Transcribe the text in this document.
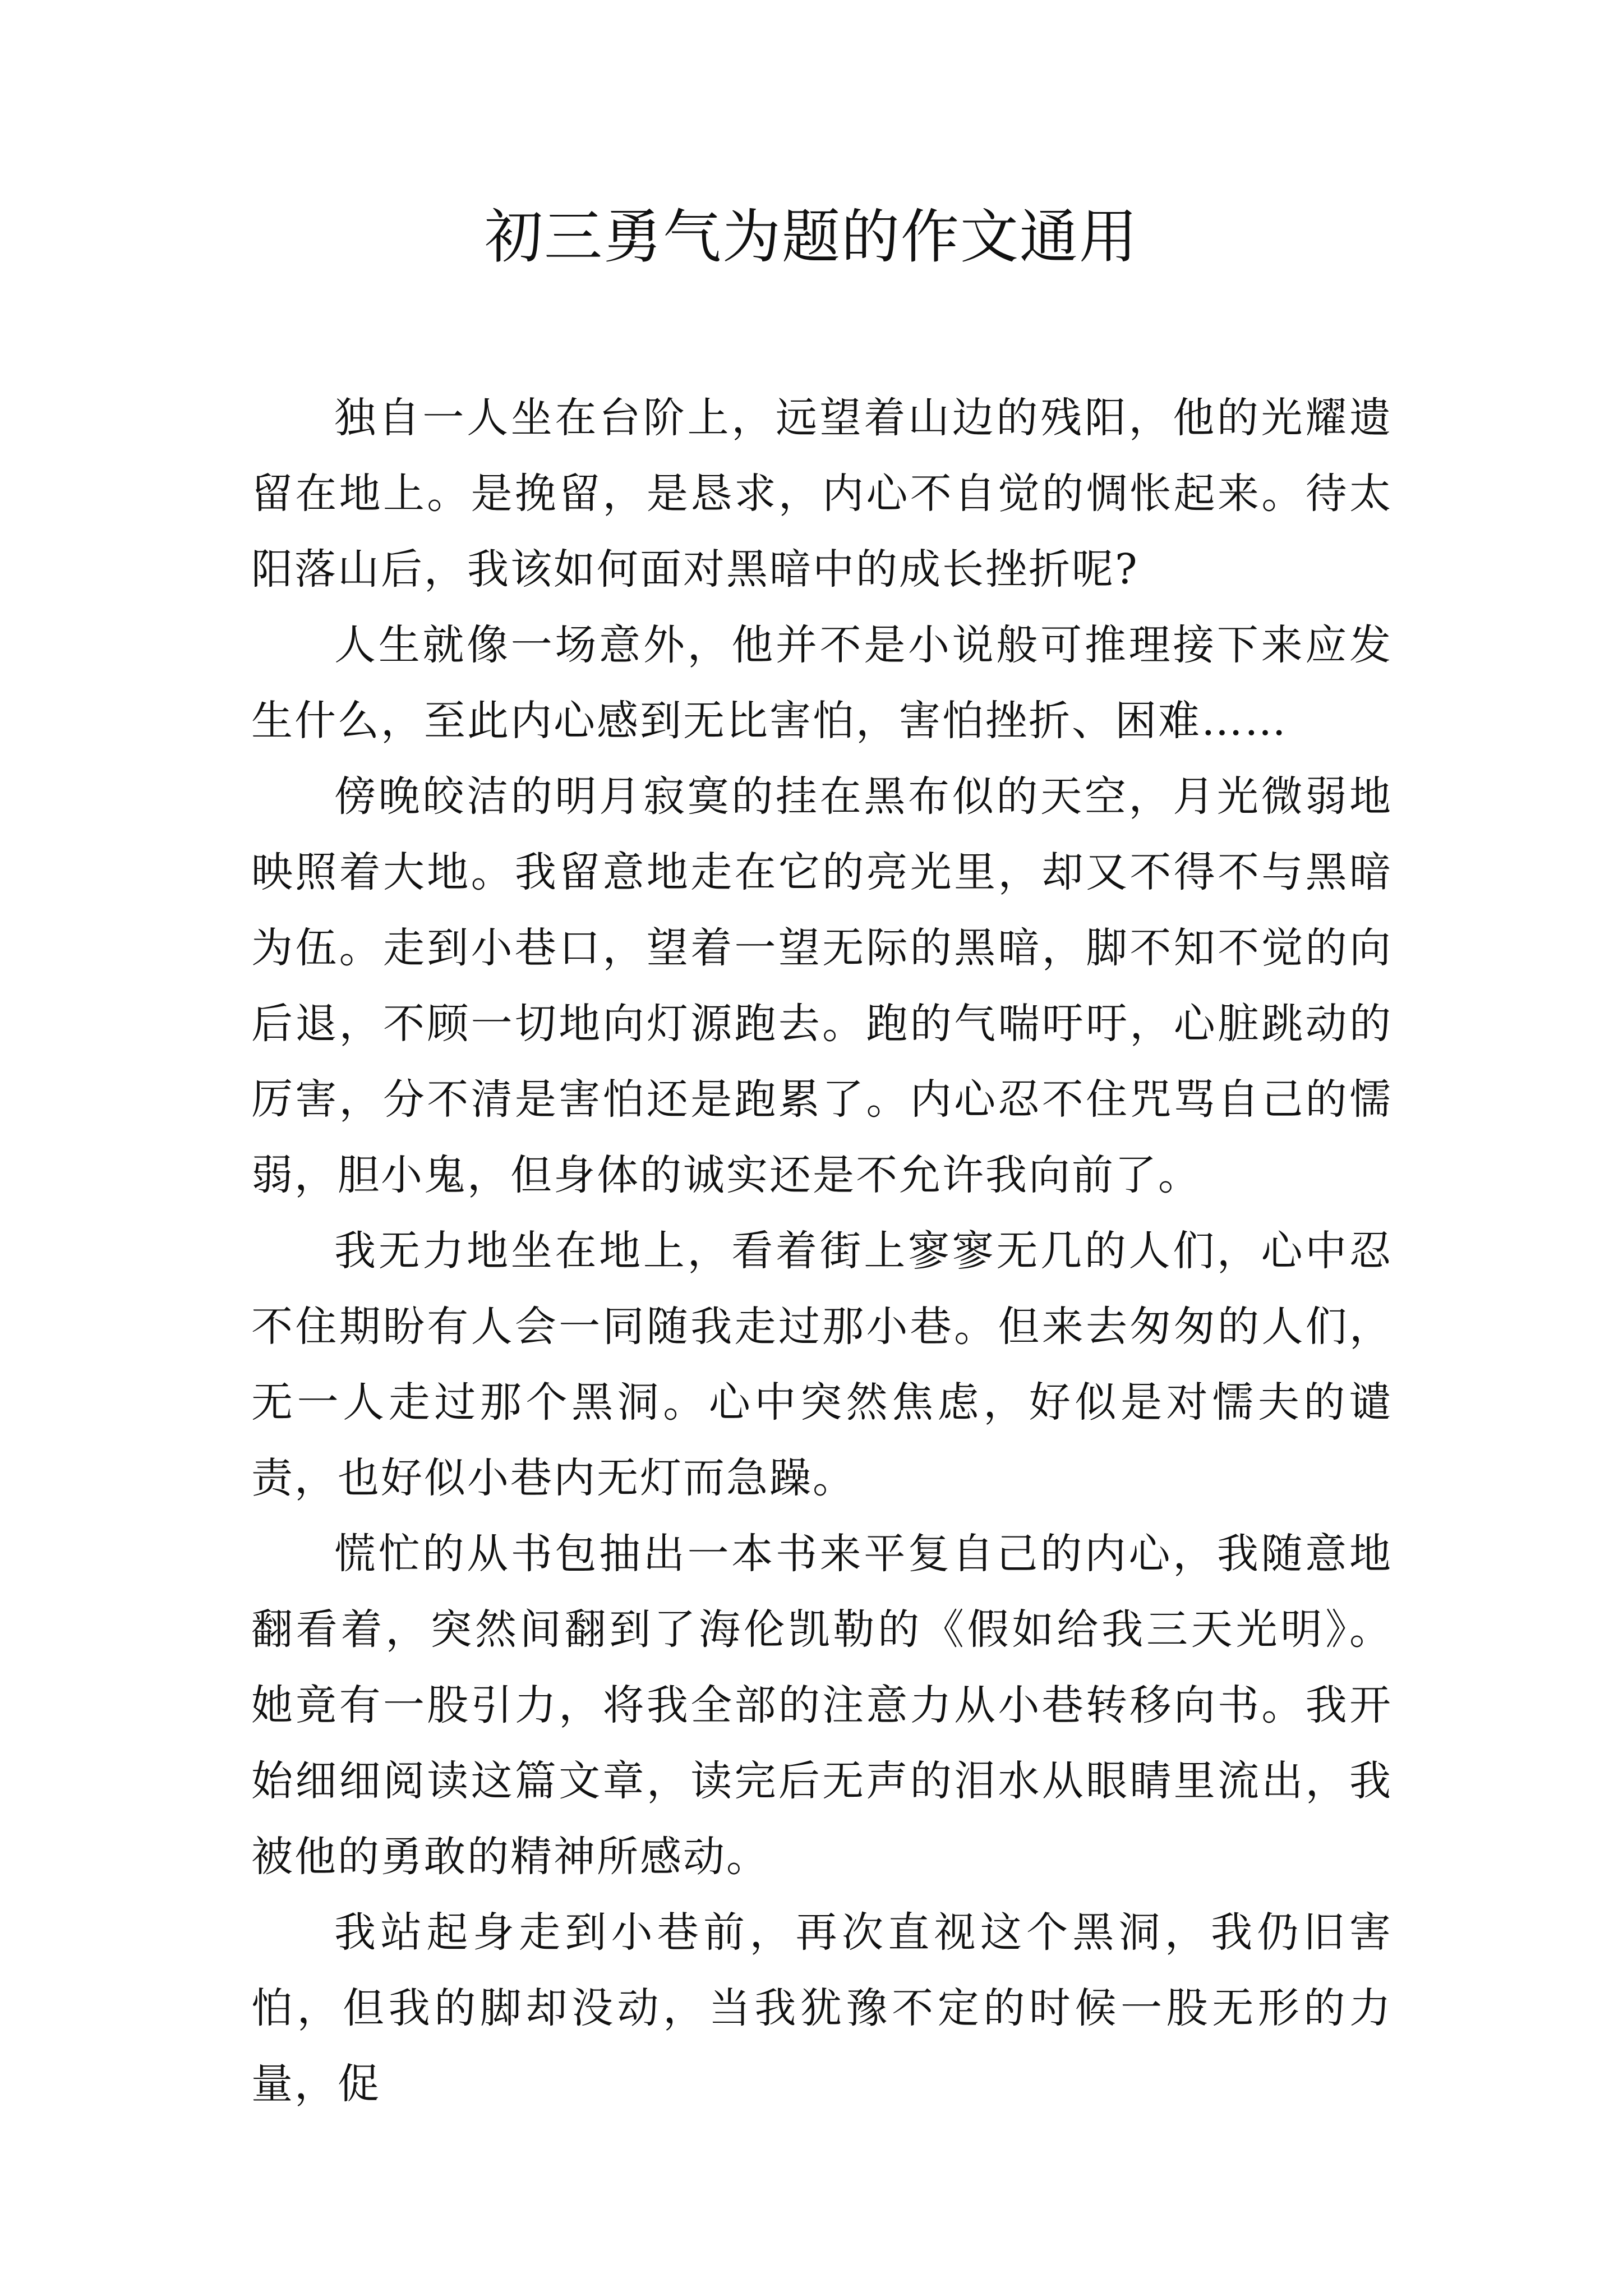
初三勇气为题的作文通用

独自一人坐在台阶上，远望着山边的残阳，他的光耀遗留在地上。是挽留，是恳求，内心不自觉的惆怅起来。待太阳落山后，我该如何面对黑暗中的成长挫折呢?

人生就像一场意外，他并不是小说般可推理接下来应发生什么，至此内心感到无比害怕，害怕挫折、困难……

傍晚皎洁的明月寂寞的挂在黑布似的天空，月光微弱地映照着大地。我留意地走在它的亮光里，却又不得不与黑暗为伍。走到小巷口，望着一望无际的黑暗，脚不知不觉的向后退，不顾一切地向灯源跑去。跑的气喘吁吁，心脏跳动的厉害，分不清是害怕还是跑累了。内心忍不住咒骂自己的懦弱，胆小鬼，但身体的诚实还是不允许我向前了。

我无力地坐在地上，看着街上寥寥无几的人们，心中忍不住期盼有人会一同随我走过那小巷。但来去匆匆的人们，无一人走过那个黑洞。心中突然焦虑，好似是对懦夫的谴责，也好似小巷内无灯而急躁。

慌忙的从书包抽出一本书来平复自己的内心，我随意地翻看着，突然间翻到了海伦凯勒的《假如给我三天光明》。她竟有一股引力，将我全部的注意力从小巷转移向书。我开始细细阅读这篇文章，读完后无声的泪水从眼睛里流出，我被他的勇敢的精神所感动。

我站起身走到小巷前，再次直视这个黑洞，我仍旧害怕，但我的脚却没动，当我犹豫不定的时候一股无形的力量，促
